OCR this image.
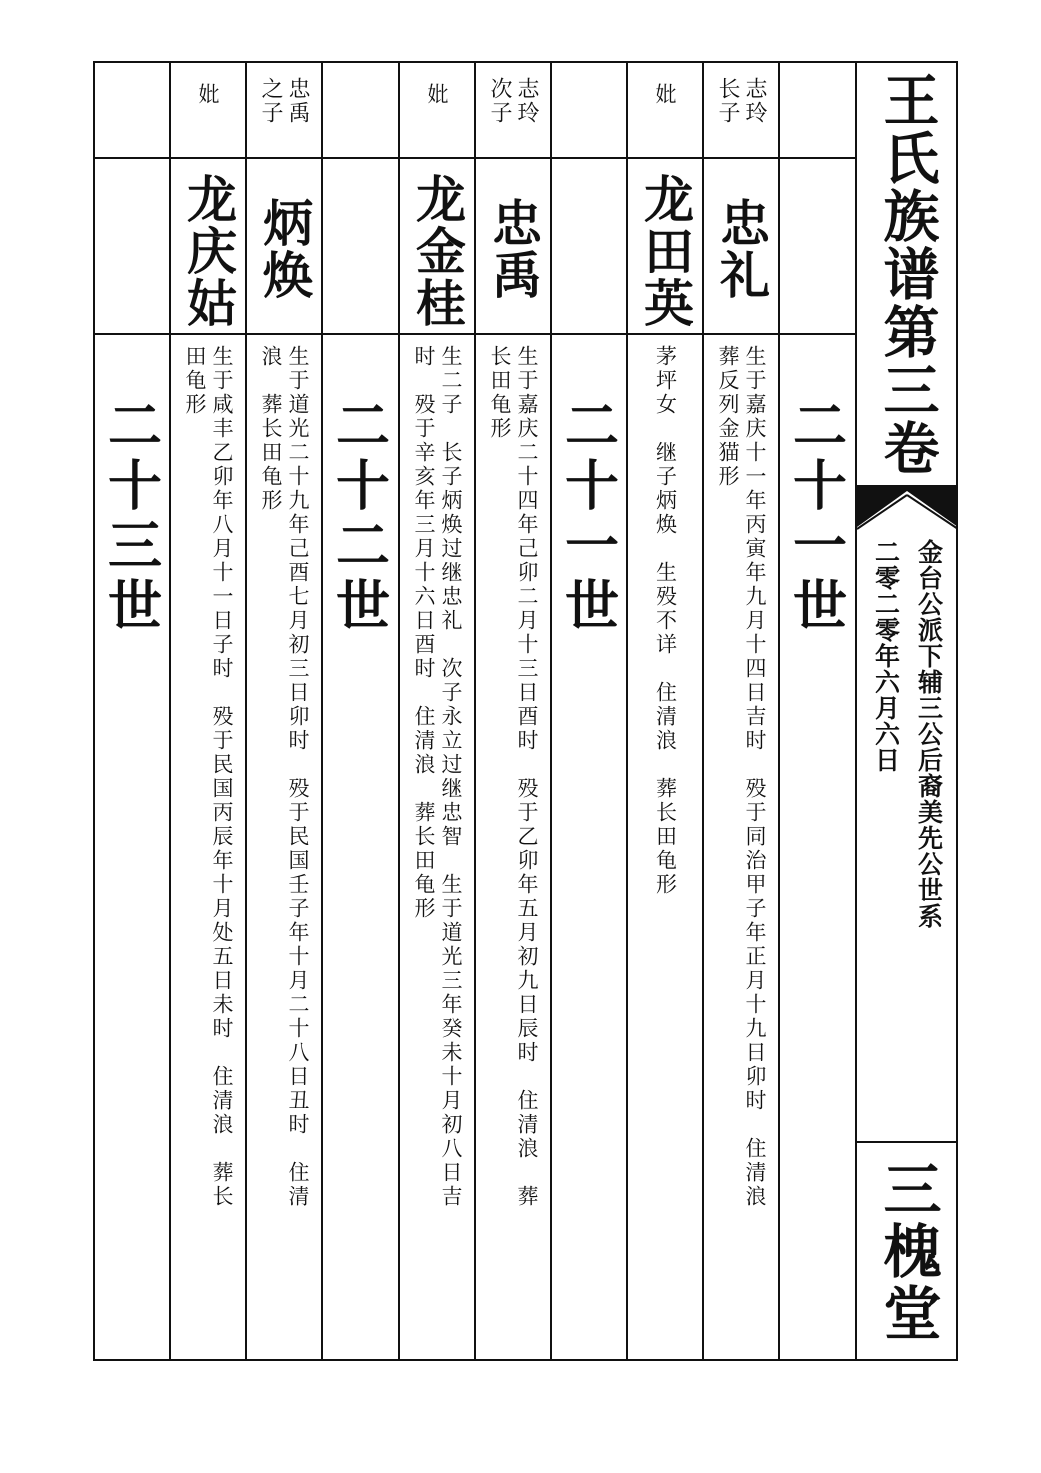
王氏族谱第三卷
金台公派下辅三公后裔美先公世系
二零二零年六月六日
三槐堂
二十一世
志玲
长子
忠礼
生于嘉庆十一年丙寅年九月十四日吉时　殁于同治甲子年正月十九日卯时　住清浪
葬反列金猫形
妣
龙田英
茅坪女　继子炳焕　生殁不详　住清浪　葬长田龟形
二十一世
志玲
次子
忠禹
生于嘉庆二十四年己卯二月十三日酉时　殁于乙卯年五月初九日辰时　住清浪　葬
长田龟形
妣
龙金桂
生二子　长子炳焕过继忠礼　次子永立过继忠智　生于道光三年癸未十月初八日吉
时　殁于辛亥年三月十六日酉时　住清浪　葬长田龟形
二十二世
忠禹
之子
炳焕
生于道光二十九年己酉七月初三日卯时　殁于民国壬子年十月二十八日丑时　住清
浪　葬长田龟形
妣
龙庆姑
生于咸丰乙卯年八月十一日子时　殁于民国丙辰年十月处五日未时　住清浪　葬长
田龟形
二十三世
